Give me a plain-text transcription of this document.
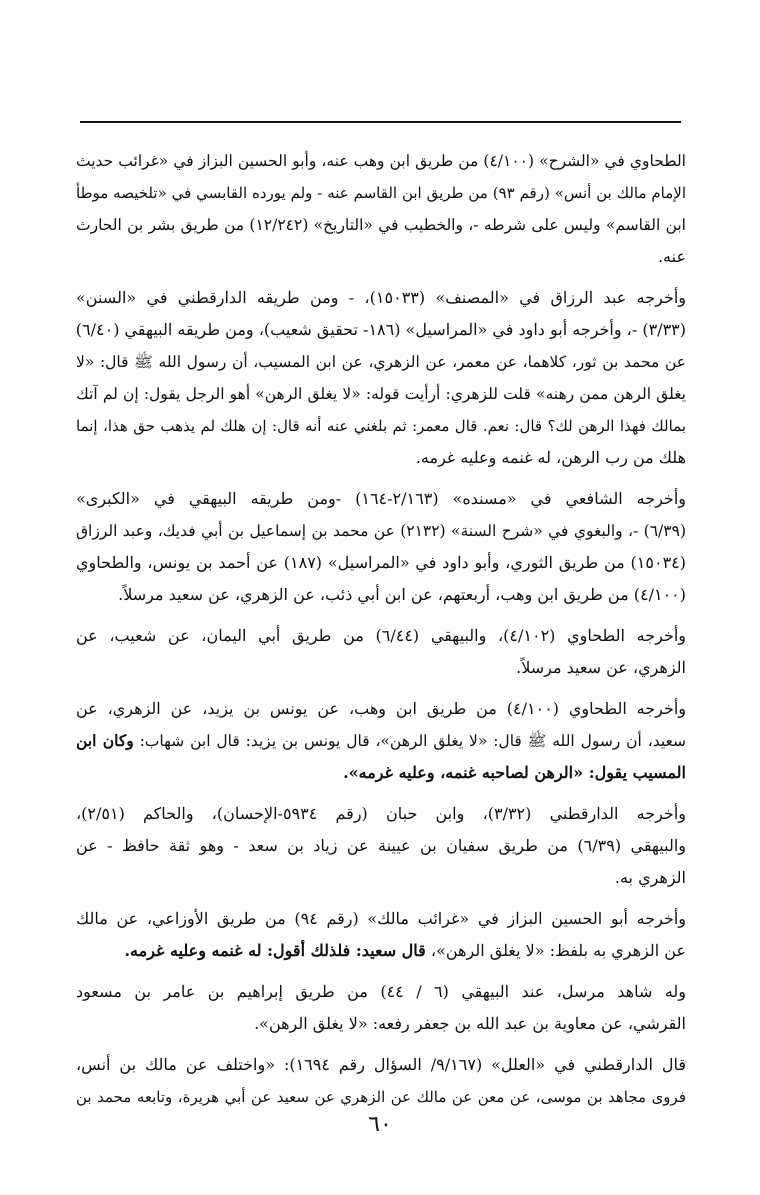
الطحاوي في «الشرح» (٤/١٠٠) من طريق ابن وهب عنه، وأبو الحسين البزاز في «غرائب حديث
الإمام مالك بن أنس» (رقم ٩٣) من طريق ابن القاسم عنه - ولم يورده القابسي في «تلخيصه موطأ
ابن القاسم» وليس على شرطه -، والخطيب في «التاريخ» (١٢/٢٤٢) من طريق بشر بن الحارث
عنه.
وأخرجه عبد الرزاق في «المصنف» (١٥٠٣٣)، - ومن طريقه الدارقطني في «السنن»
(٣/٣٣) -، وأخرجه أبو داود في «المراسيل» (١٨٦- تحقيق شعيب)، ومن طريقه البيهقي (٦/٤٠)
عن محمد بن ثور، كلاهما، عن معمر، عن الزهري، عن ابن المسيب، أن رسول الله ﷺ قال: «لا
يغلق الرهن ممن رهنه» قلت للزهري: أرأيت قوله: «لا يغلق الرهن» أهو الرجل يقول: إن لم آتك
بمالك فهذا الرهن لك؟ قال: نعم. قال معمر: ثم بلغني عنه أنه قال: إن هلك لم يذهب حق هذا، إنما
هلك من رب الرهن، له غنمه وعليه غرمه.
وأخرجه الشافعي في «مسنده» (٢/١٦٣-١٦٤) -ومن طريقه البيهقي في «الكبرى»
(٦/٣٩) -، والبغوي في «شرح السنة» (٢١٣٢) عن محمد بن إسماعيل بن أبي فديك، وعبد الرزاق
(١٥٠٣٤) من طريق الثوري، وأبو داود في «المراسيل» (١٨٧) عن أحمد بن يونس، والطحاوي
(٤/١٠٠) من طريق ابن وهب، أربعتهم، عن ابن أبي ذئب، عن الزهري، عن سعيد مرسلاً.
وأخرجه الطحاوي (٤/١٠٢)، والبيهقي (٦/٤٤) من طريق أبي اليمان، عن شعيب، عن
الزهري، عن سعيد مرسلاً.
وأخرجه الطحاوي (٤/١٠٠) من طريق ابن وهب، عن يونس بن يزيد، عن الزهري، عن
سعيد، أن رسول الله ﷺ قال: «لا يغلق الرهن»، قال يونس بن يزيد: قال ابن شهاب: وكان ابن
المسيب يقول: «الرهن لصاحبه غنمه، وعليه غرمه».
وأخرجه الدارقطني (٣/٣٢)، وابن حبان (رقم ٥٩٣٤-الإحسان)، والحاكم (٢/٥١)،
والبيهقي (٦/٣٩) من طريق سفيان بن عيينة عن زياد بن سعد - وهو ثقة حافظ - عن
الزهري به.
وأخرجه أبو الحسين البزاز في «غرائب مالك» (رقم ٩٤) من طريق الأوزاعي، عن مالك
عن الزهري به بلفظ: «لا يغلق الرهن»، قال سعيد: فلذلك أقول: له غنمه وعليه غرمه.
وله شاهد مرسل، عند البيهقي (٦ / ٤٤) من طريق إبراهيم بن عامر بن مسعود
القرشي، عن معاوية بن عبد الله بن جعفر رفعه: «لا يغلق الرهن».
قال الدارقطني في «العلل» (٩/١٦٧/ السؤال رقم ١٦٩٤): «واختلف عن مالك بن أنس،
فروى مجاهد بن موسى، عن معن عن مالك عن الزهري عن سعيد عن أبي هريرة، وتابعه محمد بن
٦٠
